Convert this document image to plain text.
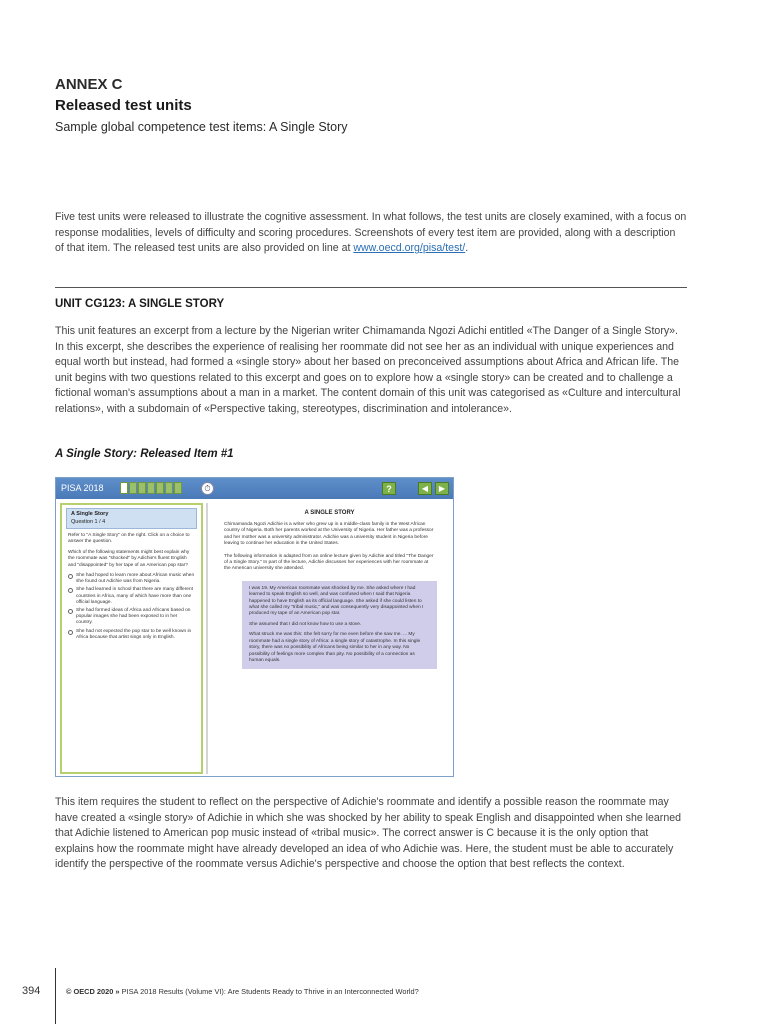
ANNEX C
Released test units
Sample global competence test items: A Single Story

Five test units were released to illustrate the cognitive assessment. In what follows, the test units are closely examined, with a focus on response modalities, levels of difficulty and scoring procedures. Screenshots of every test item are provided, along with a description of that item. The released test units are also provided on line at www.oecd.org/pisa/test/.

UNIT CG123: A SINGLE STORY

This unit features an excerpt from a lecture by the Nigerian writer Chimamanda Ngozi Adichi entitled «The Danger of a Single Story». In this excerpt, she describes the experience of realising her roommate did not see her as an individual with unique experiences and equal worth but instead, had formed a «single story» about her based on preconceived assumptions about Africa and African life. The unit begins with two questions related to this excerpt and goes on to explore how a «single story» can be created and to challenge a fictional woman's assumptions about a man in a market. The content domain of this unit was categorised as «Culture and intercultural relations», with a subdomain of «Perspective taking, stereotypes, discrimination and intolerance».

A Single Story: Released Item #1
PISA 2018	⏱	?	◀	▶
A Single Story
Question 1 / 4

Refer to "A Single Story" on the right. Click on a choice to answer the question.

Which of the following statements might best explain why the roommate was "shocked" by Adichie's fluent English and "disappointed" by her tape of an American pop star?

She had hoped to learn more about African music when she found out Adichie was from Nigeria.
She had learned in school that there are many different countries in Africa, many of which have more than one official language.
She had formed ideas of Africa and Africans based on popular images she had been exposed to in her country.
She had not expected the pop star to be well known in Africa because that artist sings only in English.
A SINGLE STORY

Chimamanda Ngozi Adichie is a writer who grew up in a middle-class family in the West African country of Nigeria. Both her parents worked at the University of Nigeria. Her father was a professor and her mother was a university administrator. Adichie was a university student in Nigeria before leaving to continue her education in the United States.

The following information is adapted from an online lecture given by Adichie and titled "The Danger of a Single Story." In part of the lecture, Adichie discusses her experiences with her roommate at the American university she attended.

I was 19. My American roommate was shocked by me. She asked where I had learned to speak English so well, and was confused when I said that Nigeria happened to have English as its official language. She asked if she could listen to what she called my "tribal music," and was consequently very disappointed when I produced my tape of an American pop star.

She assumed that I did not know how to use a stove.

What struck me was this: She felt sorry for me even before she saw me. ... My roommate had a single story of Africa: a single story of catastrophe. In this single story, there was no possibility of Africans being similar to her in any way. No possibility of feelings more complex than pity. No possibility of a connection as human equals.

This item requires the student to reflect on the perspective of Adichie's roommate and identify a possible reason the roommate may have created a «single story» of Adichie in which she was shocked by her ability to speak English and disappointed when she learned that Adichie listened to American pop music instead of «tribal music». The correct answer is C because it is the only option that explains how the roommate might have already developed an idea of who Adichie was. Here, the student must be able to accurately identify the perspective of the roommate versus Adichie's perspective and choose the option that best reflects the context.

394	© OECD 2020 » PISA 2018 Results (Volume VI): Are Students Ready to Thrive in an Interconnected World?
